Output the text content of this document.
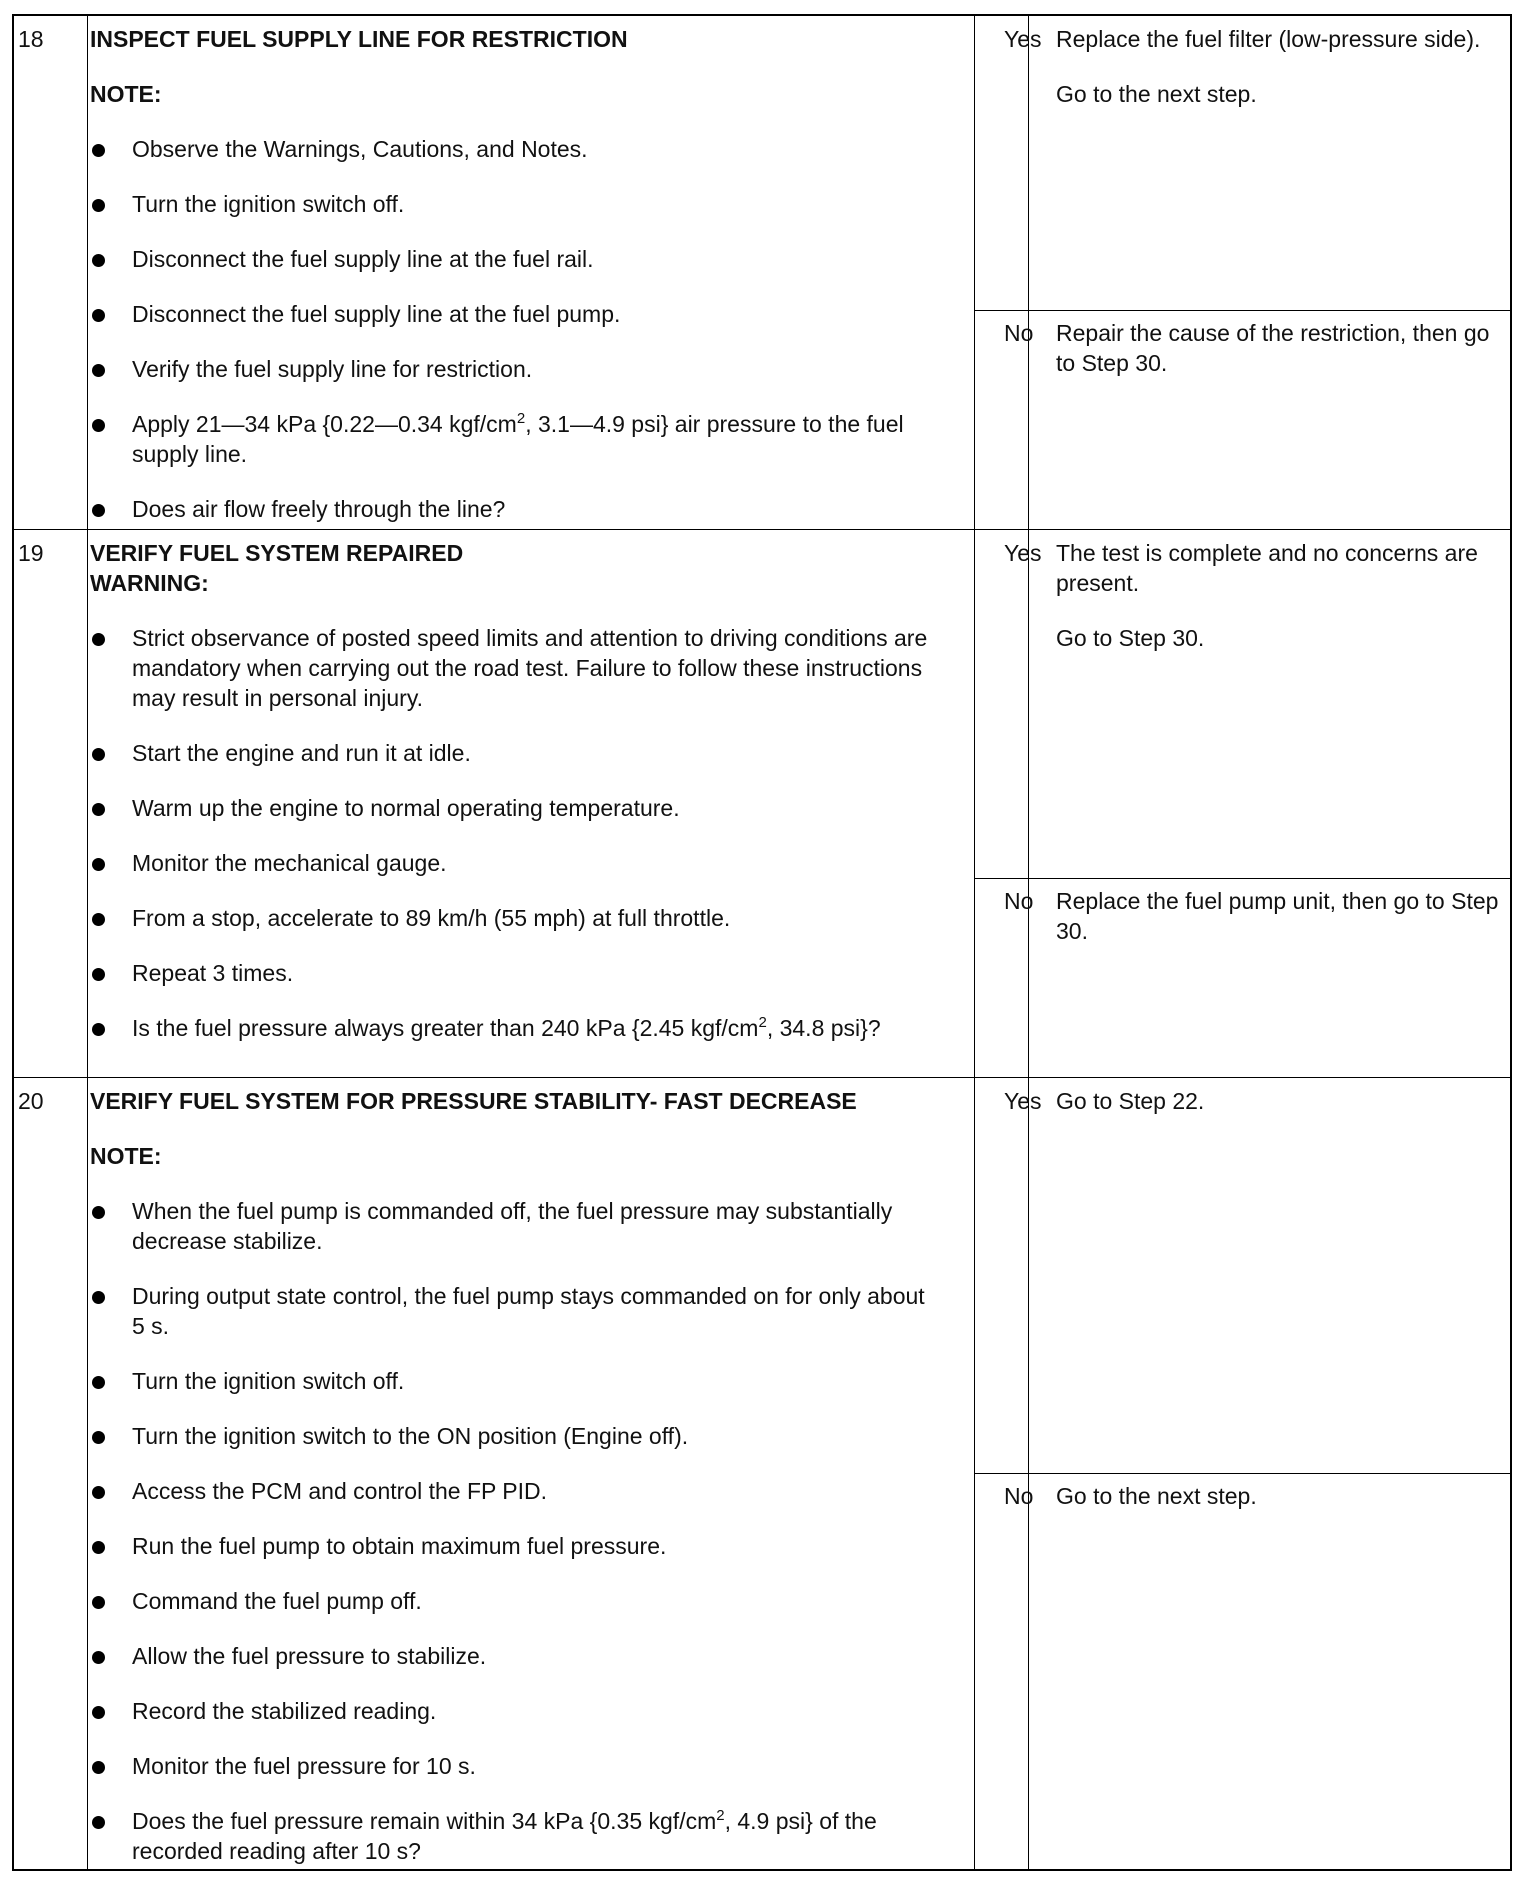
18 INSPECT FUEL SUPPLY LINE FOR RESTRICTION
NOTE:
Observe the Warnings, Cautions, and Notes.
Turn the ignition switch off.
Disconnect the fuel supply line at the fuel rail.
Disconnect the fuel supply line at the fuel pump.
Verify the fuel supply line for restriction.
Apply 21—34 kPa {0.22—0.34 kgf/$cm^2$, 3.1—4.9 psi} air pressure to the fuel supply line.
Does air flow freely through the line?
Yes Replace the fuel filter (low-pressure side).
Go to the next step.
No Repair the cause of the restriction, then go to Step 30.
19 VERIFY FUEL SYSTEM REPAIRED
WARNING:
Strict observance of posted speed limits and attention to driving conditions are mandatory when carrying out the road test. Failure to follow these instructions may result in personal injury.
Start the engine and run it at idle.
Warm up the engine to normal operating temperature.
Monitor the mechanical gauge.
From a stop, accelerate to 89 km/h (55 mph) at full throttle.
Repeat 3 times.
Is the fuel pressure always greater than 240 kPa {2.45 kgf/$cm^2$, 34.8 psi}?
Yes The test is complete and no concerns are present.
Go to Step 30.
No Replace the fuel pump unit, then go to Step 30.
20 VERIFY FUEL SYSTEM FOR PRESSURE STABILITY- FAST DECREASE
NOTE:
When the fuel pump is commanded off, the fuel pressure may substantially decrease stabilize.
During output state control, the fuel pump stays commanded on for only about 5 s.
Turn the ignition switch off.
Turn the ignition switch to the ON position (Engine off).
Access the PCM and control the FP PID.
Run the fuel pump to obtain maximum fuel pressure.
Command the fuel pump off.
Allow the fuel pressure to stabilize.
Record the stabilized reading.
Monitor the fuel pressure for 10 s.
Does the fuel pressure remain within 34 kPa {0.35 kgf/$cm^2$, 4.9 psi} of the recorded reading after 10 s?
Yes Go to Step 22.
No Go to the next step.
